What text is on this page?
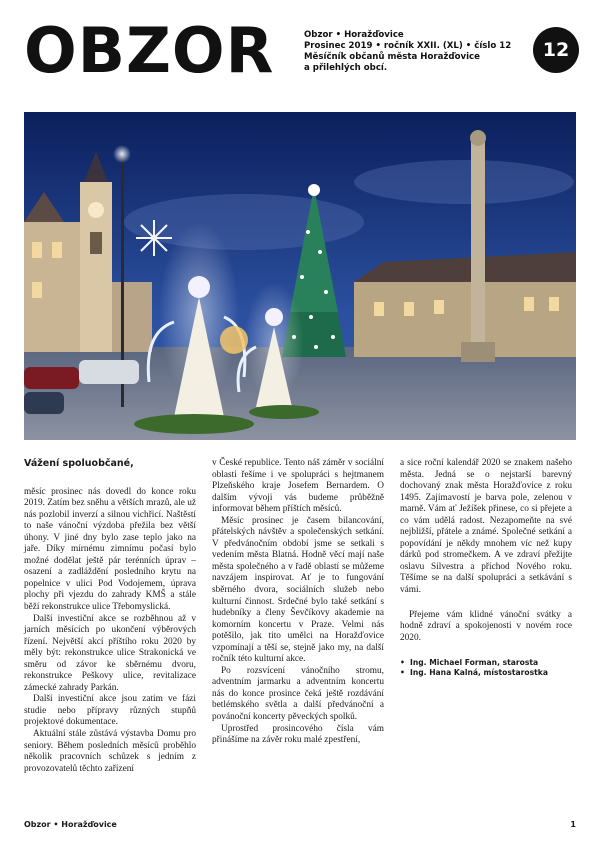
OBZOR	Obzor • Horažďovice
Prosinec 2019 • ročník XXII. (XL) • číslo 12
Měsíčník občanů města Horažďovice
a přilehlých obcí.
12

Vážení spoluobčané,

měsíc prosinec nás dovedl do konce roku 2019. Zatím bez sněhu a větších mrazů, ale už nás pozlobil inverzí a silnou vichřicí. Naštěstí to naše vánoční výzdoba přežila bez větší úhony. V jiné dny bylo zase teplo jako na jaře. Díky mírnému zimnímu počasí bylo možné dodělat ještě pár terénních úprav – osazení a zadláždění posledního krytu na popelnice v ulici Pod Vodojemem, úprava plochy při vjezdu do zahrady KMŠ a stále běží rekonstrukce ulice Třebomyslická.

Další investiční akce se rozběhnou až v jarních měsících po ukončení výběrových řízení. Největší akcí příštího roku 2020 by měly být: rekonstrukce ulice Strakonická ve směru od závor ke sběrnému dvoru, rekonstrukce Peškovy ulice, revitalizace zámecké zahrady Parkán.

Další investiční akce jsou zatím ve fázi studie nebo přípravy různých stupňů projektové dokumentace.

Aktuální stále zůstává výstavba Domu pro seniory. Během posledních měsíců proběhlo několik pracovních schůzek s jedním z provozovatelů těchto zařízení

v České republice. Tento náš záměr v sociální oblasti řešíme i ve spolupráci s hejtmanem Plzeňského kraje Josefem Bernardem. O dalším vývoji vás budeme průběžně informovat během příštích měsíců.

Měsíc prosinec je časem bilancování, přátelských návštěv a společenských setkání. V předvánočním období jsme se setkali s vedením města Blatná. Hodně věcí mají naše města společného a v řadě oblastí se můžeme navzájem inspirovat. Ať je to fungování sběrného dvora, sociálních služeb nebo kulturní činnost. Srdečné bylo také setkání s hudebníky a členy Ševčíkovy akademie na komorním koncertu v Praze. Velmi nás potěšilo, jak tito umělci na Horažďovice vzpomínají a těší se, stejně jako my, na další ročník této kulturní akce.

Po rozsvícení vánočního stromu, adventním jarmarku a adventním koncertu nás do konce prosince čeká ještě rozdávání betlémského světla a další předvánoční a povánoční koncerty pěveckých spolků.

Uprostřed prosincového čísla vám přinášíme na závěr roku malé zpestření,

a sice roční kalendář 2020 se znakem našeho města. Jedná se o nejstarší barevný dochovaný znak města Horažďovice z roku 1495. Zajímavostí je barva pole, zelenou v marně. Vám ať Ježíšek přinese, co si přejete a co vám udělá radost. Nezapomeňte na své nejbližší, přátele a známé. Společné setkání a popovídání je někdy mnohem víc než kupy dárků pod stromečkem. A ve zdraví přežijte oslavu Silvestra a příchod Nového roku. Těšíme se na další spolupráci a setkávání s vámi.

Přejeme vám klidné vánoční svátky a hodně zdraví a spokojenosti v novém roce 2020.

• Ing. Michael Forman, starosta
• Ing. Hana Kalná, místostarostka
Obzor • Horažďovice	1
